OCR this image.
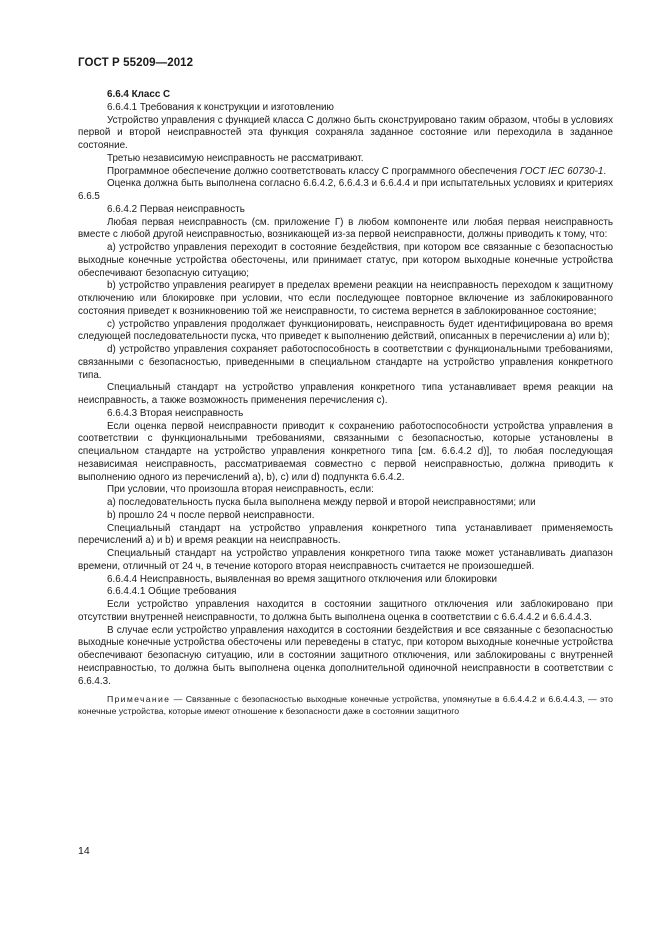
ГОСТ Р 55209—2012

6.6.4 Класс С

6.6.4.1 Требования к конструкции и изготовлению

Устройство управления с функцией класса С должно быть сконструировано таким образом, чтобы в условиях первой и второй неисправностей эта функция сохраняла заданное состояние или переходила в заданное состояние.

Третью независимую неисправность не рассматривают.

Программное обеспечение должно соответствовать классу С программного обеспечения ГОСТ IEC 60730-1.

Оценка должна быть выполнена согласно 6.6.4.2, 6.6.4.3 и 6.6.4.4 и при испытательных условиях и критериях 6.6.5

6.6.4.2 Первая неисправность

Любая первая неисправность (см. приложение Г) в любом компоненте или любая первая неисправность вместе с любой другой неисправностью, возникающей из-за первой неисправности, должны приводить к тому, что:

a) устройство управления переходит в состояние бездействия, при котором все связанные с безопасностью выходные конечные устройства обесточены, или принимает статус, при котором выходные конечные устройства обеспечивают безопасную ситуацию;

b) устройство управления реагирует в пределах времени реакции на неисправность переходом к защитному отключению или блокировке при условии, что если последующее повторное включение из заблокированного состояния приведет к возникновению той же неисправности, то система вернется в заблокированное состояние;

c) устройство управления продолжает функционировать, неисправность будет идентифицирована во время следующей последовательности пуска, что приведет к выполнению действий, описанных в перечислении а) или b);

d) устройство управления сохраняет работоспособность в соответствии с функциональными требованиями, связанными с безопасностью, приведенными в специальном стандарте на устройство управления конкретного типа.

Специальный стандарт на устройство управления конкретного типа устанавливает время реакции на неисправность, а также возможность применения перечисления c).

6.6.4.3 Вторая неисправность

Если оценка первой неисправности приводит к сохранению работоспособности устройства управления в соответствии с функциональными требованиями, связанными с безопасностью, которые установлены в специальном стандарте на устройство управления конкретного типа [см. 6.6.4.2 d)], то любая последующая независимая неисправность, рассматриваемая совместно с первой неисправностью, должна приводить к выполнению одного из перечислений а), b), c) или d) подпункта 6.6.4.2.

При условии, что произошла вторая неисправность, если:

a) последовательность пуска была выполнена между первой и второй неисправностями; или

b) прошло 24 ч после первой неисправности.

Специальный стандарт на устройство управления конкретного типа устанавливает применяемость перечислений a) и b) и время реакции на неисправность.

Специальный стандарт на устройство управления конкретного типа также может устанавливать диапазон времени, отличный от 24 ч, в течение которого вторая неисправность считается не произошедшей.

6.6.4.4 Неисправность, выявленная во время защитного отключения или блокировки

6.6.4.4.1 Общие требования

Если устройство управления находится в состоянии защитного отключения или заблокировано при отсутствии внутренней неисправности, то должна быть выполнена оценка в соответствии с 6.6.4.4.2 и 6.6.4.4.3.

В случае если устройство управления находится в состоянии бездействия и все связанные с безопасностью выходные конечные устройства обесточены или переведены в статус, при котором выходные конечные устройства обеспечивают безопасную ситуацию, или в состоянии защитного отключения, или заблокированы с внутренней неисправностью, то должна быть выполнена оценка дополнительной одиночной неисправности в соответствии с 6.6.4.3.

Примечание — Связанные с безопасностью выходные конечные устройства, упомянутые в 6.6.4.4.2 и 6.6.4.4.3, — это конечные устройства, которые имеют отношение к безопасности даже в состоянии защитного

14
